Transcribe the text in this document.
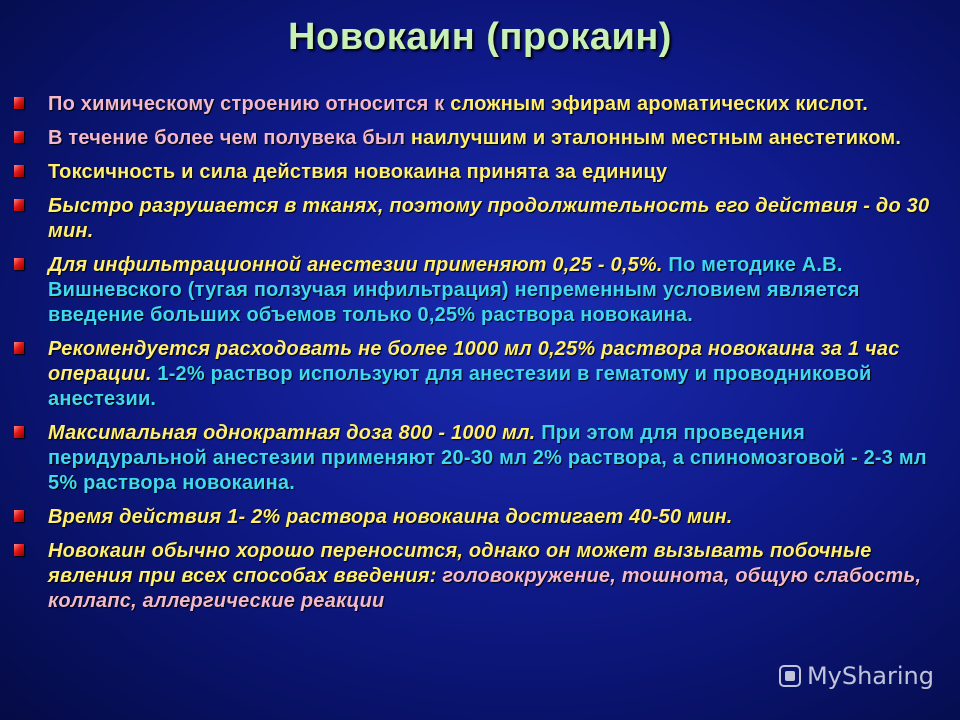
Новокаин (прокаин)
По химическому строению относится к сложным эфирам ароматических кислот.
В течение более чем полувека был наилучшим и эталонным местным анестетиком.
Токсичность и сила действия новокаина принята за единицу
Быстро разрушается в тканях, поэтому продолжительность его действия - до 30 мин.
Для инфильтрационной анестезии применяют 0,25 - 0,5%. По методике А.В. Вишневского (тугая ползучая инфильтрация) непременным условием является введение больших объемов только 0,25% раствора новокаина.
Рекомендуется расходовать не более 1000 мл 0,25% раствора новокаина за 1 час операции. 1-2% раствор используют для анестезии в гематому и проводниковой анестезии.
Максимальная однократная доза 800 - 1000 мл. При этом для проведения перидуральной анестезии применяют 20-30 мл 2% раствора, а спиномозговой - 2-3 мл 5% раствора новокаина.
Время действия 1- 2% раствора новокаина достигает 40-50 мин.
Новокаин обычно хорошо переносится, однако он может вызывать побочные явления при всех способах введения: головокружение, тошнота, общую слабость, коллапс, аллергические реакции
MySharing
